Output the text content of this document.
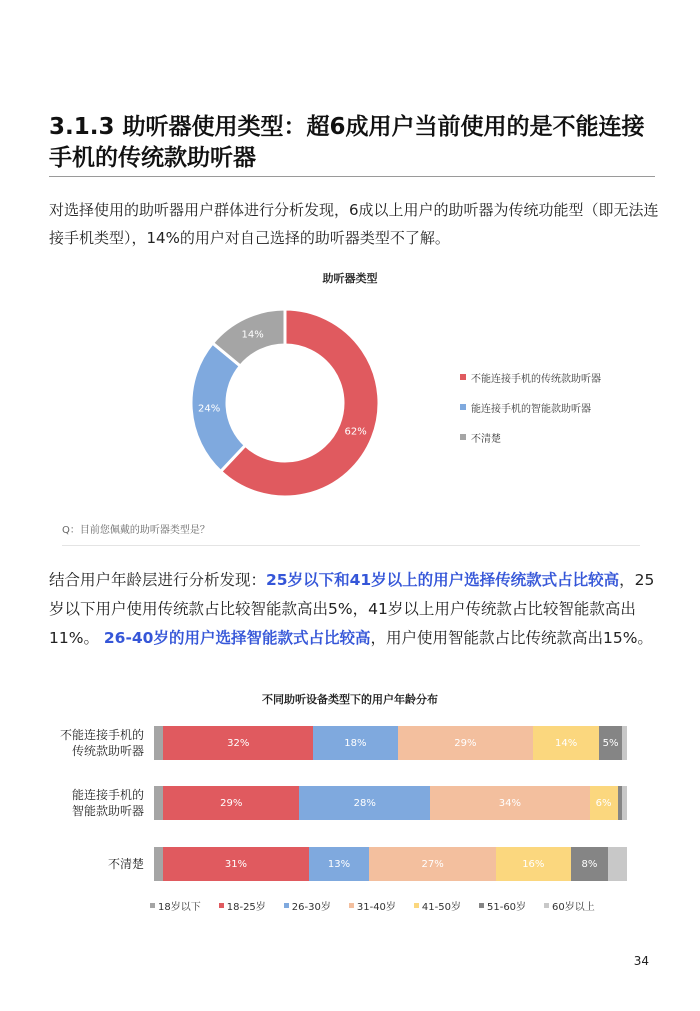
3.1.3 助听器使用类型：超6成用户当前使用的是不能连接
手机的传统款助听器

对选择使用的助听器用户群体进行分析发现，6成以上用户的助听器为传统功能型（即无法连接手机类型），14%的用户对自己选择的助听器类型不了解。

助听器类型
62%
24%
14%
不能连接手机的传统款助听器
能连接手机的智能款助听器
不清楚
Q：目前您佩戴的助听器类型是？

结合用户年龄层进行分析发现：25岁以下和41岁以上的用户选择传统款式占比较高，25岁以下用户使用传统款占比较智能款高出5%，41岁以上用户传统款占比较智能款高出11%。 26-40岁的用户选择智能款式占比较高，用户使用智能款占比传统款高出15%。

不同助听设备类型下的用户年龄分布
不能连接手机的
传统款助听器
32%	18%	29%	14%	5%
能连接手机的
智能款助听器
29%	28%	34%	6%
不清楚	31%	13%	27%	16%	8%
18岁以下	18-25岁	26-30岁	31-40岁	41-50岁	51-60岁	60岁以上
34
